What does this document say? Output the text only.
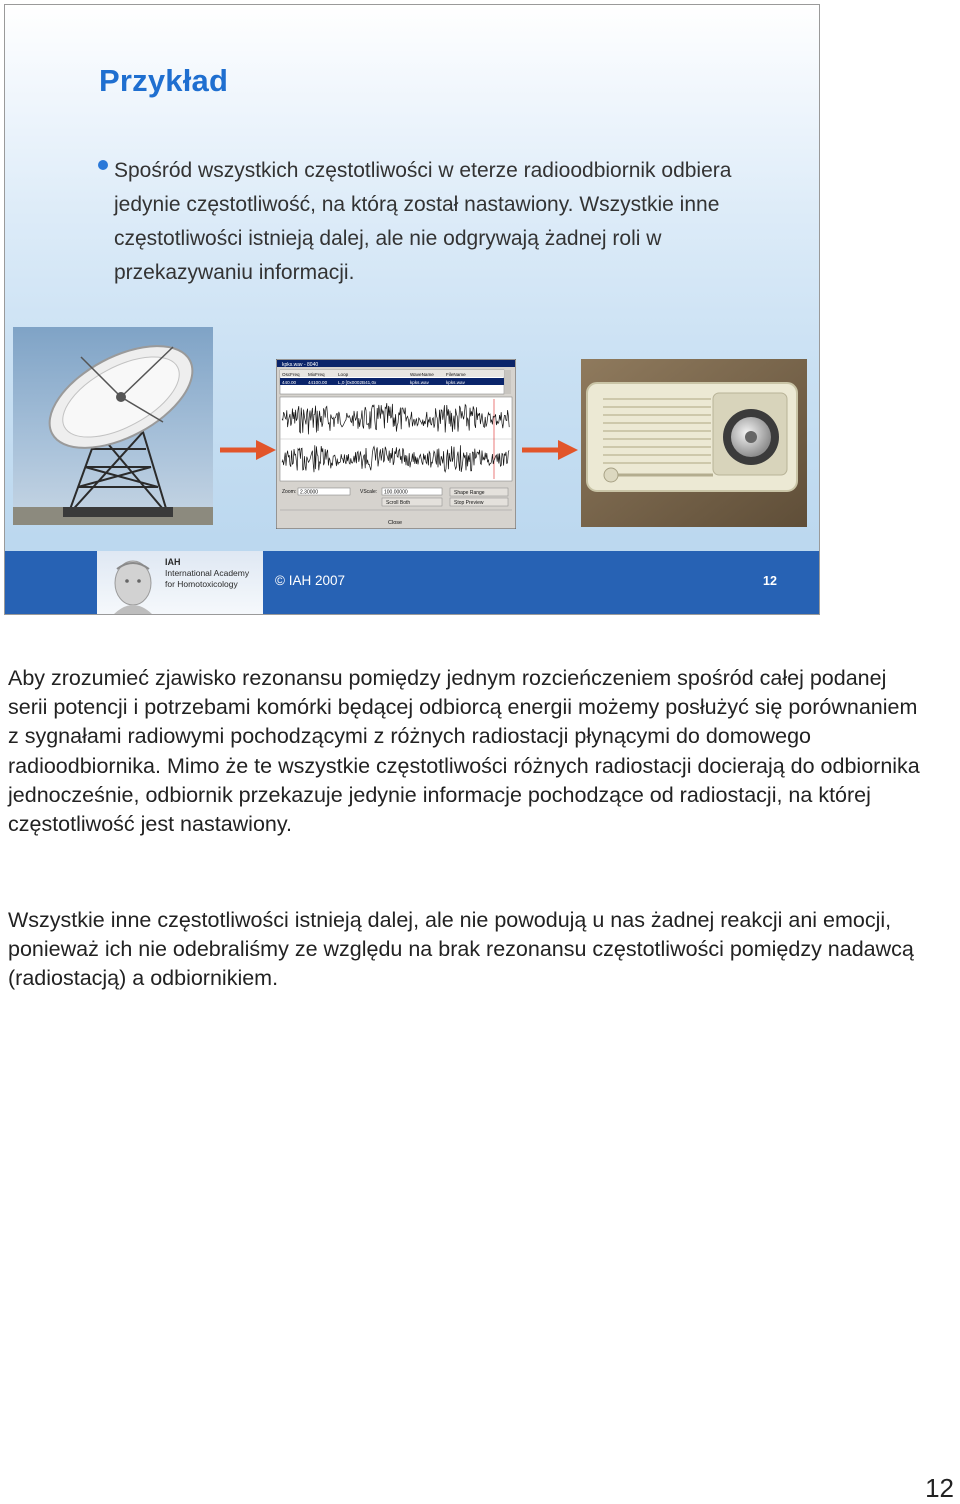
Przykład
Spośród wszystkich częstotliwości w eterze radioodbiornik odbiera jedynie częstotliwość, na którą został nastawiony. Wszystkie inne częstotliwości istnieją dalej, ale nie odgrywają żadnej roli w przekazywaniu informacji.
kpks.wav - 8040
OscFreq MixFreq	Loop	WaveName	FileName
440.00	44100.00 L,0 [0x0002B41,0x	kpks.wav	kpks.wav
Zoom: 2.30000	VScale: 100.00000	Shape Range
Scroll Both	Stop Preview
Close
IAH
International Academy
for Homotoxicology	© IAH 2007	12
Aby zrozumieć zjawisko rezonansu pomiędzy jednym rozcieńczeniem spośród całej podanej serii potencji i potrzebami komórki będącej odbiorcą energii możemy posłużyć się porównaniem z sygnałami radiowymi pochodzącymi z różnych radiostacji płynącymi do domowego radioodbiornika. Mimo że te wszystkie częstotliwości różnych radiostacji docierają do odbiornika jednocześnie, odbiornik przekazuje jedynie informacje pochodzące od radiostacji, na której częstotliwość jest nastawiony.
Wszystkie inne częstotliwości istnieją dalej, ale nie powodują u nas żadnej reakcji ani emocji, ponieważ ich nie odebraliśmy ze względu na brak rezonansu częstotliwości pomiędzy nadawcą (radiostacją) a odbiornikiem.
12
